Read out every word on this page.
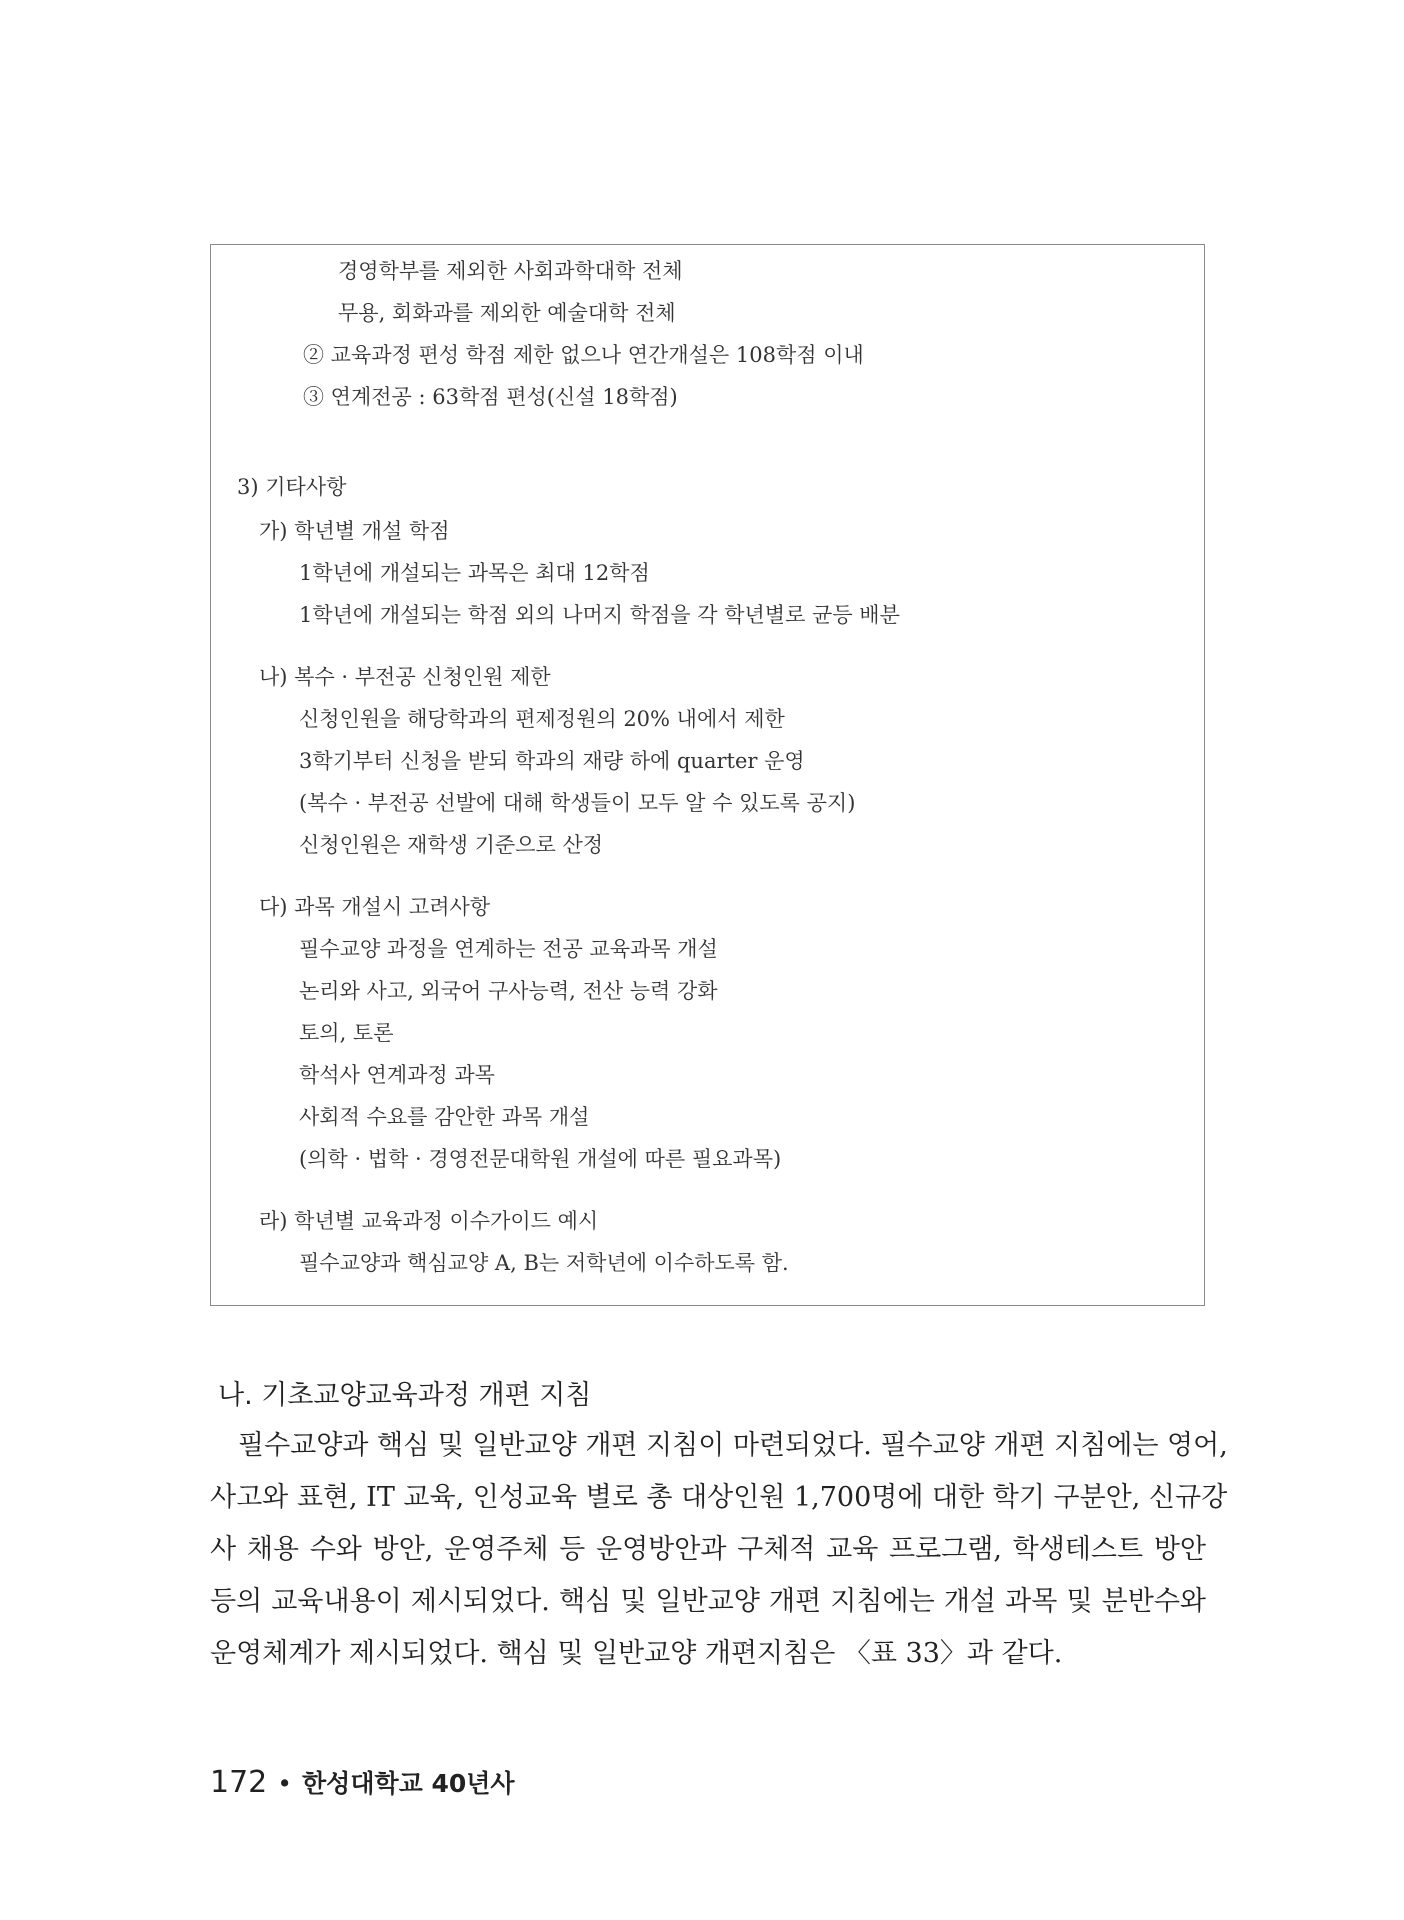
경영학부를 제외한 사회과학대학 전체
무용, 회화과를 제외한 예술대학 전체
② 교육과정 편성 학점 제한 없으나 연간개설은 108학점 이내
③ 연계전공 : 63학점 편성(신설 18학점)
3) 기타사항
가) 학년별 개설 학점
1학년에 개설되는 과목은 최대 12학점
1학년에 개설되는 학점 외의 나머지 학점을 각 학년별로 균등 배분
나) 복수 · 부전공 신청인원 제한
신청인원을 해당학과의 편제정원의 20% 내에서 제한
3학기부터 신청을 받되 학과의 재량 하에 quarter 운영
(복수 · 부전공 선발에 대해 학생들이 모두 알 수 있도록 공지)
신청인원은 재학생 기준으로 산정
다) 과목 개설시 고려사항
필수교양 과정을 연계하는 전공 교육과목 개설
논리와 사고, 외국어 구사능력, 전산 능력 강화
토의, 토론
학석사 연계과정 과목
사회적 수요를 감안한 과목 개설
(의학 · 법학 · 경영전문대학원 개설에 따른 필요과목)
라) 학년별 교육과정 이수가이드 예시
필수교양과 핵심교양 A, B는 저학년에 이수하도록 함.
나. 기초교양교육과정 개편 지침
필수교양과 핵심 및 일반교양 개편 지침이 마련되었다. 필수교양 개편 지침에는 영어,
사고와 표현, IT 교육, 인성교육 별로 총 대상인원 1,700명에 대한 학기 구분안, 신규강
사 채용 수와 방안, 운영주체 등 운영방안과 구체적 교육 프로그램, 학생테스트 방안
등의 교육내용이 제시되었다. 핵심 및 일반교양 개편 지침에는 개설 과목 및 분반수와
운영체계가 제시되었다. 핵심 및 일반교양 개편지침은 〈표 33〉과 같다.
172 • 한성대학교 40년사
